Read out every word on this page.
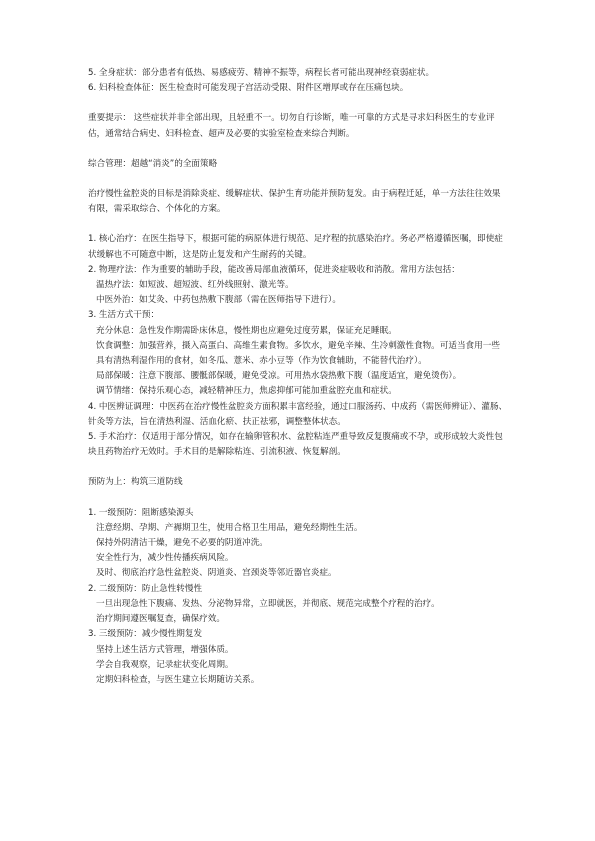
5. 全身症状：部分患者有低热、易感疲劳、精神不振等，病程长者可能出现神经衰弱症状。

6. 妇科检查体征：医生检查时可能发现子宫活动受限、附件区增厚或存在压痛包块。

重要提示： 这些症状并非全部出现，且轻重不一。切勿自行诊断，唯一可靠的方式是寻求妇科医生的专业评估，通常结合病史、妇科检查、超声及必要的实验室检查来综合判断。

综合管理：超越“消炎”的全面策略

治疗慢性盆腔炎的目标是消除炎症、缓解症状、保护生育功能并预防复发。由于病程迁延，单一方法往往效果有限，需采取综合、个体化的方案。

1. 核心治疗：在医生指导下，根据可能的病原体进行规范、足疗程的抗感染治疗。务必严格遵循医嘱，即使症状缓解也不可随意中断，这是防止复发和产生耐药的关键。

2. 物理疗法：作为重要的辅助手段，能改善局部血液循环，促进炎症吸收和消散。常用方法包括：

温热疗法：如短波、超短波、红外线照射、激光等。

中医外治：如艾灸、中药包热敷下腹部（需在医师指导下进行）。

3. 生活方式干预：

充分休息：急性发作期需卧床休息，慢性期也应避免过度劳累，保证充足睡眠。

饮食调整：加强营养，摄入高蛋白、高维生素食物。多饮水，避免辛辣、生冷刺激性食物。可适当食用一些具有清热利湿作用的食材，如冬瓜、薏米、赤小豆等（作为饮食辅助，不能替代治疗）。

局部保暖：注意下腹部、腰骶部保暖，避免受凉。可用热水袋热敷下腹（温度适宜，避免烫伤）。

调节情绪：保持乐观心态，减轻精神压力，焦虑抑郁可能加重盆腔充血和症状。

4. 中医辨证调理：中医药在治疗慢性盆腔炎方面积累丰富经验，通过口服汤药、中成药（需医师辨证）、灌肠、针灸等方法，旨在清热利湿、活血化瘀、扶正祛邪，调整整体状态。

5. 手术治疗：仅适用于部分情况，如存在输卵管积水、盆腔粘连严重导致反复腹痛或不孕，或形成较大炎性包块且药物治疗无效时。手术目的是解除粘连、引流积液、恢复解剖。

预防为上：构筑三道防线

1. 一级预防：阻断感染源头

注意经期、孕期、产褥期卫生，使用合格卫生用品，避免经期性生活。

保持外阴清洁干燥，避免不必要的阴道冲洗。

安全性行为，减少性传播疾病风险。

及时、彻底治疗急性盆腔炎、阴道炎、宫颈炎等邻近器官炎症。

2. 二级预防：防止急性转慢性

一旦出现急性下腹痛、发热、分泌物异常，立即就医，并彻底、规范完成整个疗程的治疗。

治疗期间遵医嘱复查，确保疗效。

3. 三级预防：减少慢性期复发

坚持上述生活方式管理，增强体质。

学会自我观察，记录症状变化周期。

定期妇科检查，与医生建立长期随访关系。
